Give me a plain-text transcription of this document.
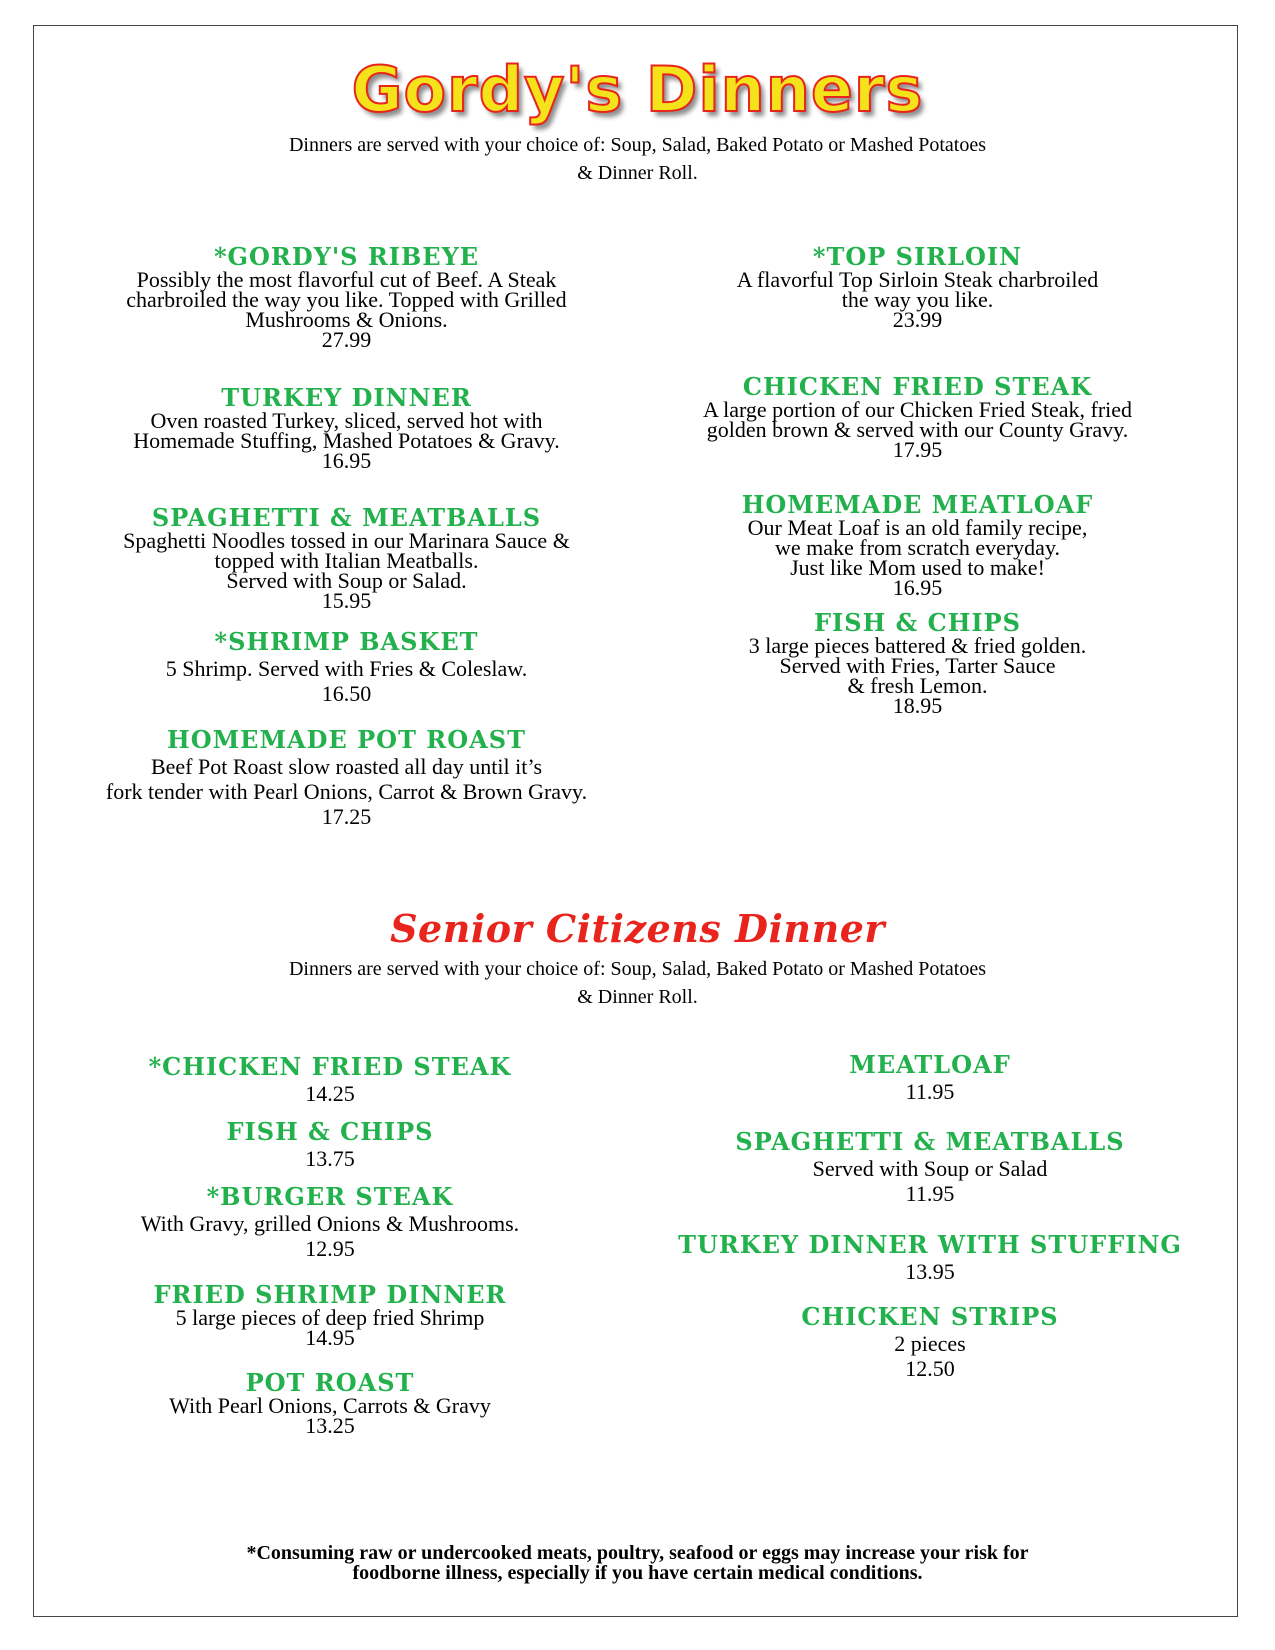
Gordy's Dinners

Dinners are served with your choice of: Soup, Salad, Baked Potato or Mashed Potatoes

& Dinner Roll.

*GORDY'S RIBEYE
Possibly the most flavorful cut of Beef. A Steak
charbroiled the way you like. Topped with Grilled
Mushrooms & Onions.
27.99
TURKEY DINNER
Oven roasted Turkey, sliced, served hot with
Homemade Stuffing, Mashed Potatoes & Gravy.
16.95
SPAGHETTI & MEATBALLS
Spaghetti Noodles tossed in our Marinara Sauce &
topped with Italian Meatballs.
Served with Soup or Salad.
15.95
*SHRIMP BASKET
5 Shrimp. Served with Fries & Coleslaw.
16.50
HOMEMADE POT ROAST
Beef Pot Roast slow roasted all day until it’s
fork tender with Pearl Onions, Carrot & Brown Gravy.
17.25
*TOP SIRLOIN
A flavorful Top Sirloin Steak charbroiled
the way you like.
23.99
CHICKEN FRIED STEAK
A large portion of our Chicken Fried Steak, fried
golden brown & served with our County Gravy.
17.95
HOMEMADE MEATLOAF
Our Meat Loaf is an old family recipe,
we make from scratch everyday.
Just like Mom used to make!
16.95
FISH & CHIPS
3 large pieces battered & fried golden.
Served with Fries, Tarter Sauce
& fresh Lemon.
18.95
Senior Citizens Dinner

Dinners are served with your choice of: Soup, Salad, Baked Potato or Mashed Potatoes

& Dinner Roll.

*CHICKEN FRIED STEAK
14.25
FISH & CHIPS
13.75
*BURGER STEAK
With Gravy, grilled Onions & Mushrooms.
12.95
FRIED SHRIMP DINNER
5 large pieces of deep fried Shrimp
14.95
POT ROAST
With Pearl Onions, Carrots & Gravy
13.25
MEATLOAF
11.95
SPAGHETTI & MEATBALLS
Served with Soup or Salad
11.95
TURKEY DINNER WITH STUFFING
13.95
CHICKEN STRIPS
2 pieces
12.50
*Consuming raw or undercooked meats, poultry, seafood or eggs may increase your risk for
foodborne illness, especially if you have certain medical conditions.
